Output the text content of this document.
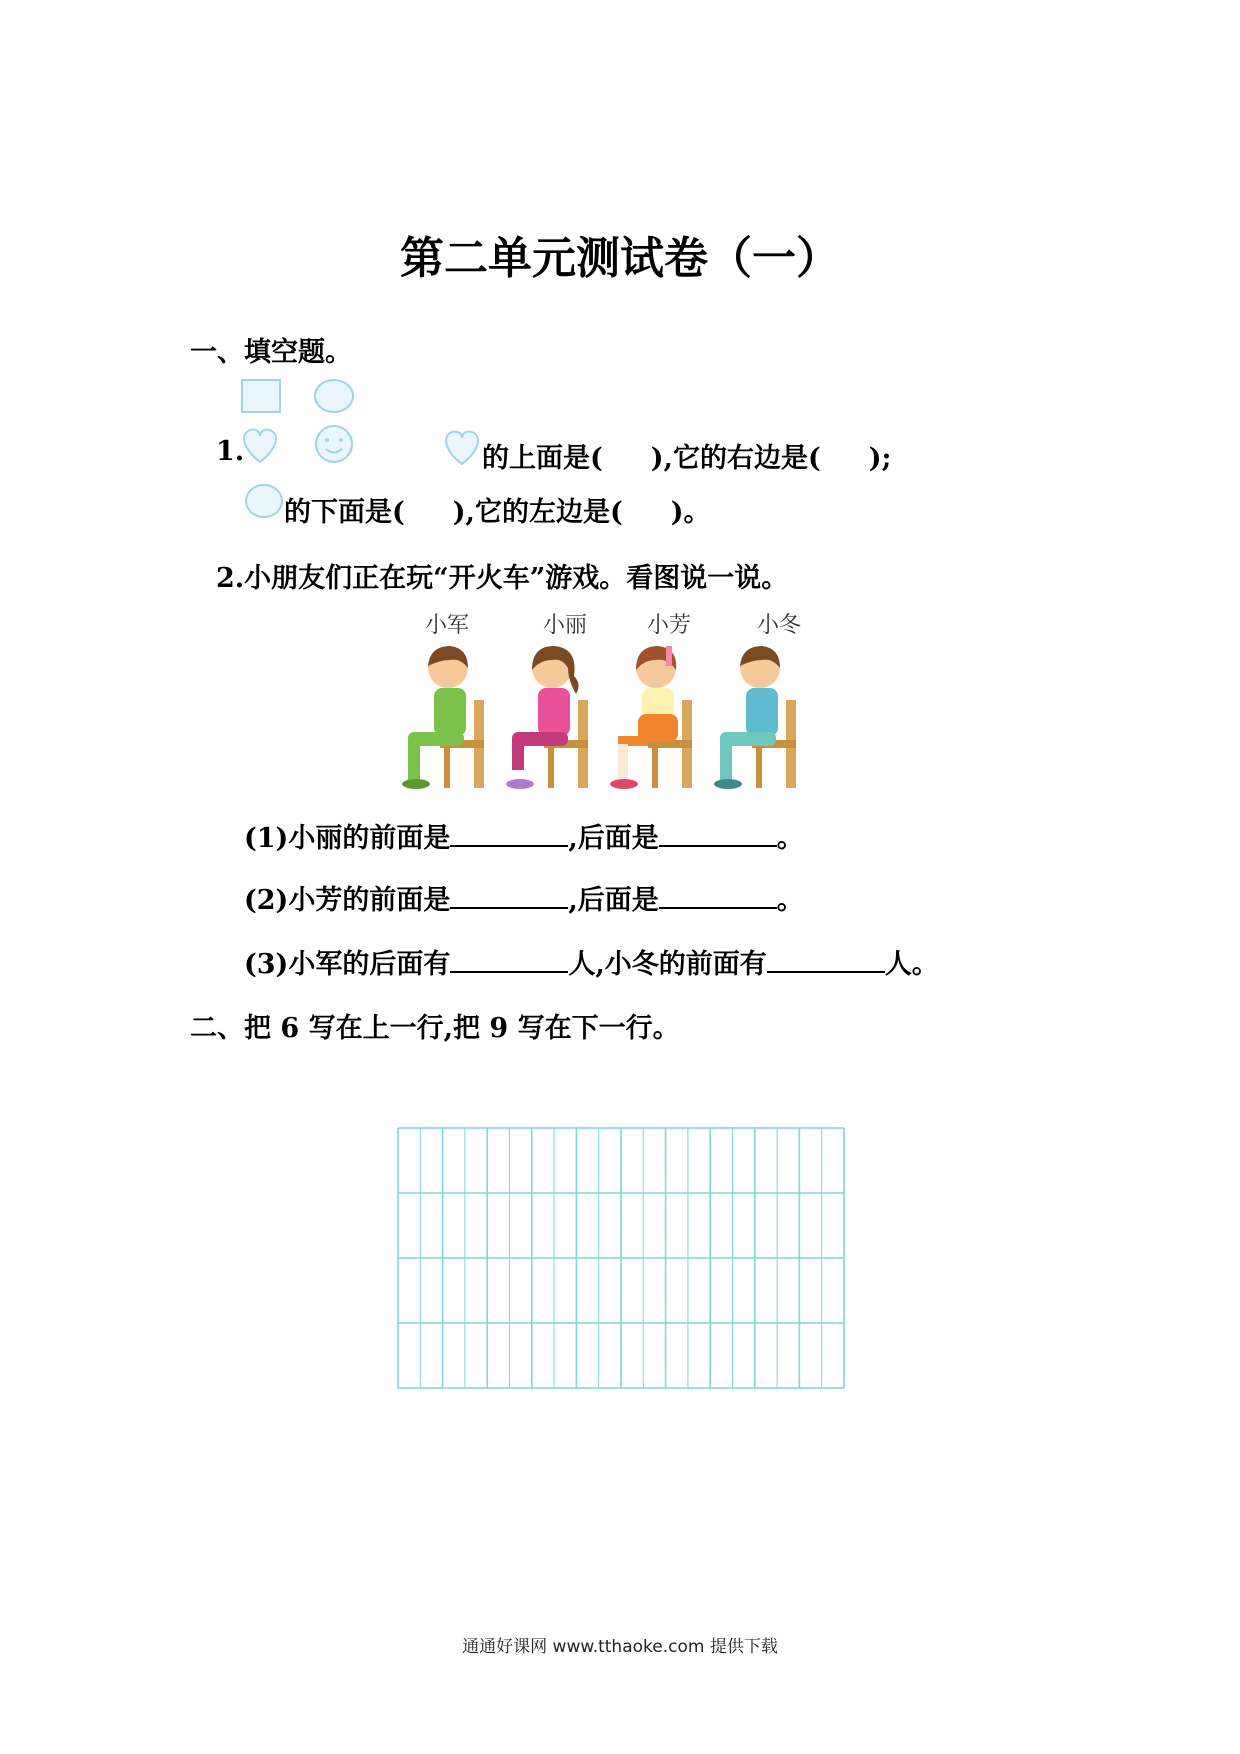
第二单元测试卷（一）
一、填空题。
1.	的上面是( ),它的右边是( );
的下面是( ),它的左边是( )。
2.小朋友们正在玩“开火车”游戏。看图说一说。
小军	小丽	小芳	小冬
(1)小丽的前面是	,后面是	。
(2)小芳的前面是	,后面是	。
(3)小军的后面有	人,小冬的前面有	人。
二、把 6 写在上一行,把 9 写在下一行。
通通好课网 www.tthaoke.com 提供下载
